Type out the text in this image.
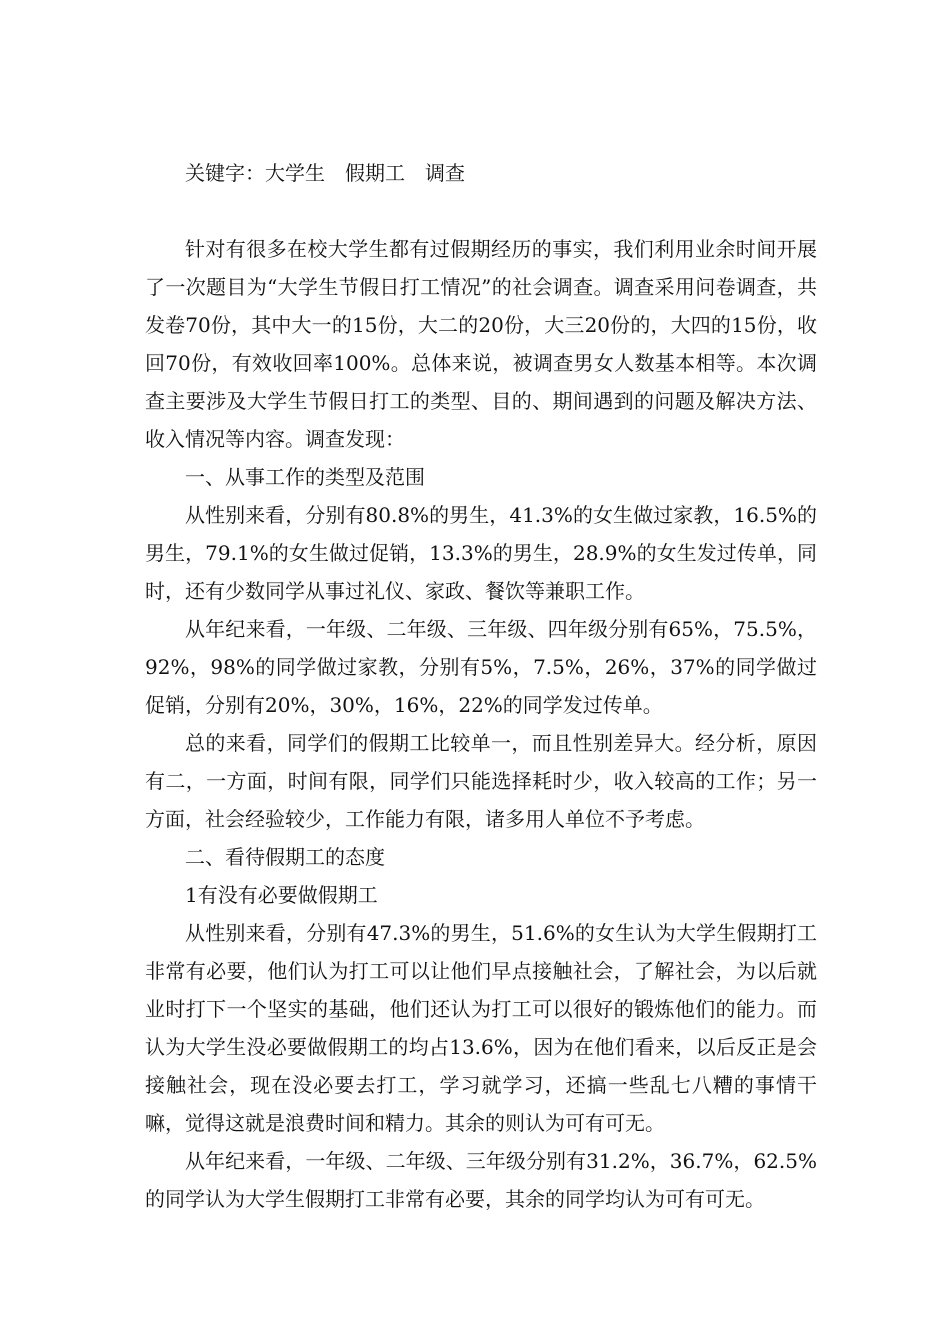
关键字：大学生　假期工　调查

针对有很多在校大学生都有过假期经历的事实，我们利用业余时间开展了一次题目为“大学生节假日打工情况”的社会调查。调查采用问卷调查，共发卷70份，其中大一的15份，大二的20份，大三20份的，大四的15份，收回70份，有效收回率100%。总体来说，被调查男女人数基本相等。本次调查主要涉及大学生节假日打工的类型、目的、期间遇到的问题及解决方法、收入情况等内容。调查发现：

一、从事工作的类型及范围

从性别来看，分别有80.8%的男生，41.3%的女生做过家教，16.5%的男生，79.1%的女生做过促销，13.3%的男生，28.9%的女生发过传单，同时，还有少数同学从事过礼仪、家政、餐饮等兼职工作。

从年纪来看，一年级、二年级、三年级、四年级分别有65%，75.5%，92%，98%的同学做过家教，分别有5%，7.5%，26%，37%的同学做过促销，分别有20%，30%，16%，22%的同学发过传单。

总的来看，同学们的假期工比较单一，而且性别差异大。经分析，原因有二，一方面，时间有限，同学们只能选择耗时少，收入较高的工作；另一方面，社会经验较少，工作能力有限，诸多用人单位不予考虑。

二、看待假期工的态度

1有没有必要做假期工

从性别来看，分别有47.3%的男生，51.6%的女生认为大学生假期打工非常有必要，他们认为打工可以让他们早点接触社会，了解社会，为以后就业时打下一个坚实的基础，他们还认为打工可以很好的锻炼他们的能力。而认为大学生没必要做假期工的均占13.6%，因为在他们看来，以后反正是会接触社会，现在没必要去打工，学习就学习，还搞一些乱七八糟的事情干嘛，觉得这就是浪费时间和精力。其余的则认为可有可无。

从年纪来看，一年级、二年级、三年级分别有31.2%，36.7%，62.5%的同学认为大学生假期打工非常有必要，其余的同学均认为可有可无。
